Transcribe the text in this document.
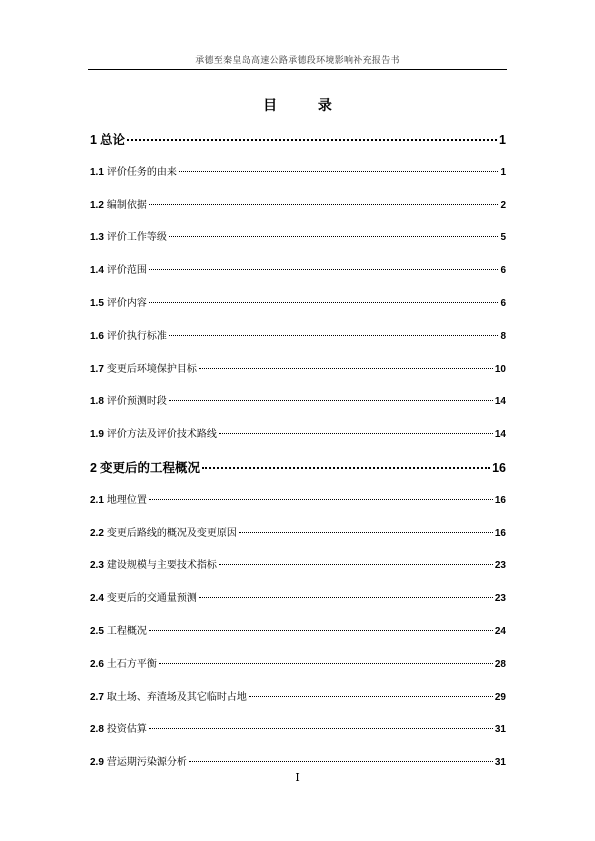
承德至秦皇岛高速公路承德段环境影响补充报告书
目 录
1 总论	1
1.1 评价任务的由来	1
1.2 编制依据	2
1.3 评价工作等级	5
1.4 评价范围	6
1.5 评价内容	6
1.6 评价执行标准	8
1.7 变更后环境保护目标	10
1.8 评价预测时段	14
1.9 评价方法及评价技术路线	14
2 变更后的工程概况	16
2.1 地理位置	16
2.2 变更后路线的概况及变更原因	16
2.3 建设规模与主要技术指标	23
2.4 变更后的交通量预测	23
2.5 工程概况	24
2.6 土石方平衡	28
2.7 取土场、弃渣场及其它临时占地	29
2.8 投资估算	31
2.9 营运期污染源分析	31
I
